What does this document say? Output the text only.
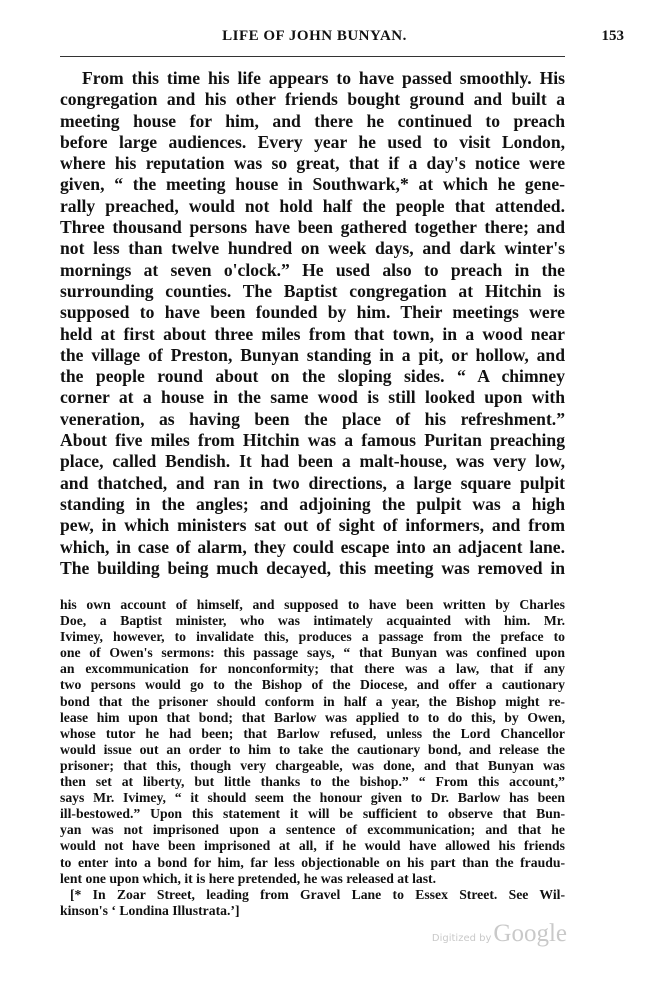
LIFE OF JOHN BUNYAN.	153
From this time his life appears to have passed smoothly. His
congregation and his other friends bought ground and built a
meeting house for him, and there he continued to preach
before large audiences. Every year he used to visit London,
where his reputation was so great, that if a day's notice were
given, “ the meeting house in Southwark,* at which he gene-
rally preached, would not hold half the people that attended.
Three thousand persons have been gathered together there; and
not less than twelve hundred on week days, and dark winter's
mornings at seven o'clock.” He used also to preach in the
surrounding counties. The Baptist congregation at Hitchin is
supposed to have been founded by him. Their meetings were
held at first about three miles from that town, in a wood near
the village of Preston, Bunyan standing in a pit, or hollow, and
the people round about on the sloping sides. “ A chimney
corner at a house in the same wood is still looked upon with
veneration, as having been the place of his refreshment.”
About five miles from Hitchin was a famous Puritan preaching
place, called Bendish. It had been a malt-house, was very low,
and thatched, and ran in two directions, a large square pulpit
standing in the angles; and adjoining the pulpit was a high
pew, in which ministers sat out of sight of informers, and from
which, in case of alarm, they could escape into an adjacent lane.
The building being much decayed, this meeting was removed in
his own account of himself, and supposed to have been written by Charles
Doe, a Baptist minister, who was intimately acquainted with him. Mr.
Ivimey, however, to invalidate this, produces a passage from the preface to
one of Owen's sermons: this passage says, “ that Bunyan was confined upon
an excommunication for nonconformity; that there was a law, that if any
two persons would go to the Bishop of the Diocese, and offer a cautionary
bond that the prisoner should conform in half a year, the Bishop might re-
lease him upon that bond; that Barlow was applied to to do this, by Owen,
whose tutor he had been; that Barlow refused, unless the Lord Chancellor
would issue out an order to him to take the cautionary bond, and release the
prisoner; that this, though very chargeable, was done, and that Bunyan was
then set at liberty, but little thanks to the bishop.” “ From this account,”
says Mr. Ivimey, “ it should seem the honour given to Dr. Barlow has been
ill-bestowed.” Upon this statement it will be sufficient to observe that Bun-
yan was not imprisoned upon a sentence of excommunication; and that he
would not have been imprisoned at all, if he would have allowed his friends
to enter into a bond for him, far less objectionable on his part than the fraudu-
lent one upon which, it is here pretended, he was released at last.
[* In Zoar Street, leading from Gravel Lane to Essex Street. See Wil-
kinson's ‘ Londina Illustrata.’]
Digitized by Google
